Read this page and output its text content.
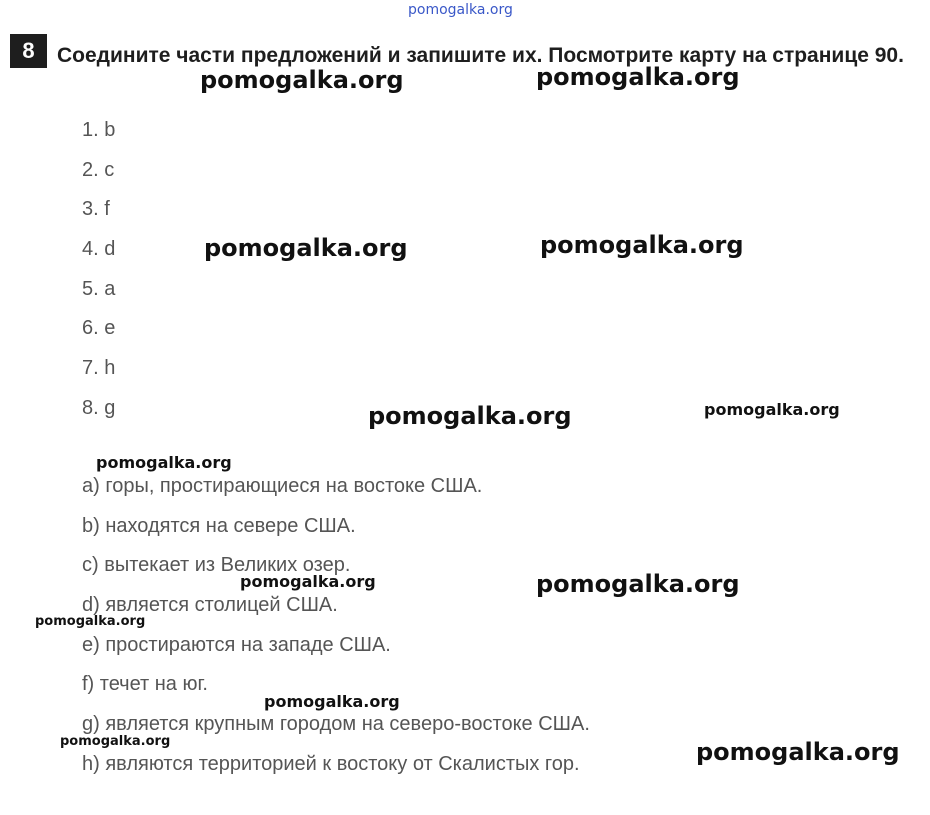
pomogalka.org
8	Соедините части предложений и запишите их. Посмотрите карту на странице 90.

1. b
2. c
3. f
4. d
5. a
6. e
7. h
8. g
a) горы, простирающиеся на востоке США.
b) находятся на севере США.
c) вытекает из Великих озер.
d) является столицей США.
e) простираются на западе США.
f) течет на юг.
g) является крупным городом на северо-востоке США.
h) являются территорией к востоку от Скалистых гор.
pomogalka.org	pomogalka.org
pomogalka.org	pomogalka.org
pomogalka.org	pomogalka.org
pomogalka.org
pomogalka.org	pomogalka.org
pomogalka.org
pomogalka.org
pomogalka.org	pomogalka.org
